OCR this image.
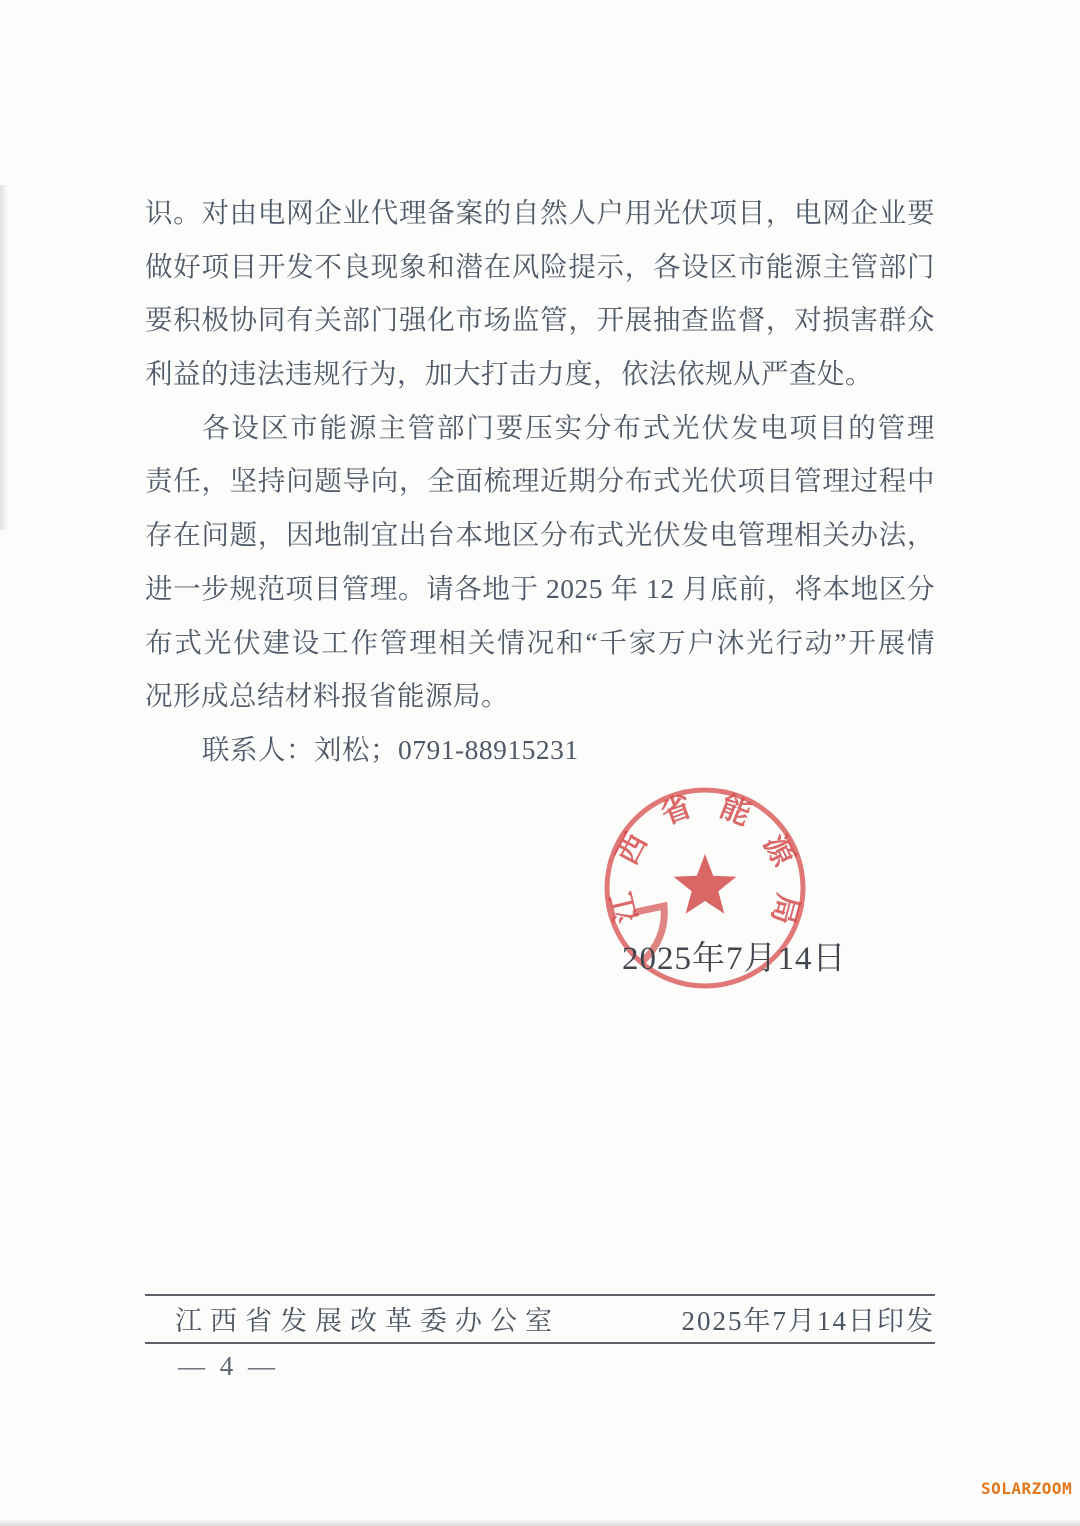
识。对由电网企业代理备案的自然人户用光伏项目，电网企业要
做好项目开发不良现象和潜在风险提示，各设区市能源主管部门
要积极协同有关部门强化市场监管，开展抽查监督，对损害群众
利益的违法违规行为，加大打击力度，依法依规从严查处。
各设区市能源主管部门要压实分布式光伏发电项目的管理
责任，坚持问题导向，全面梳理近期分布式光伏项目管理过程中
存在问题，因地制宜出台本地区分布式光伏发电管理相关办法，
进一步规范项目管理。请各地于 2025 年 12 月底前，将本地区分
布式光伏建设工作管理相关情况和“千家万户沐光行动”开展情
况形成总结材料报省能源局。
联系人：刘松；0791-88915231
江西省能源局
2025年7月14日
江西省发展改革委办公室	2025年7月14日印发
— 4 —
SOLARZOOM
